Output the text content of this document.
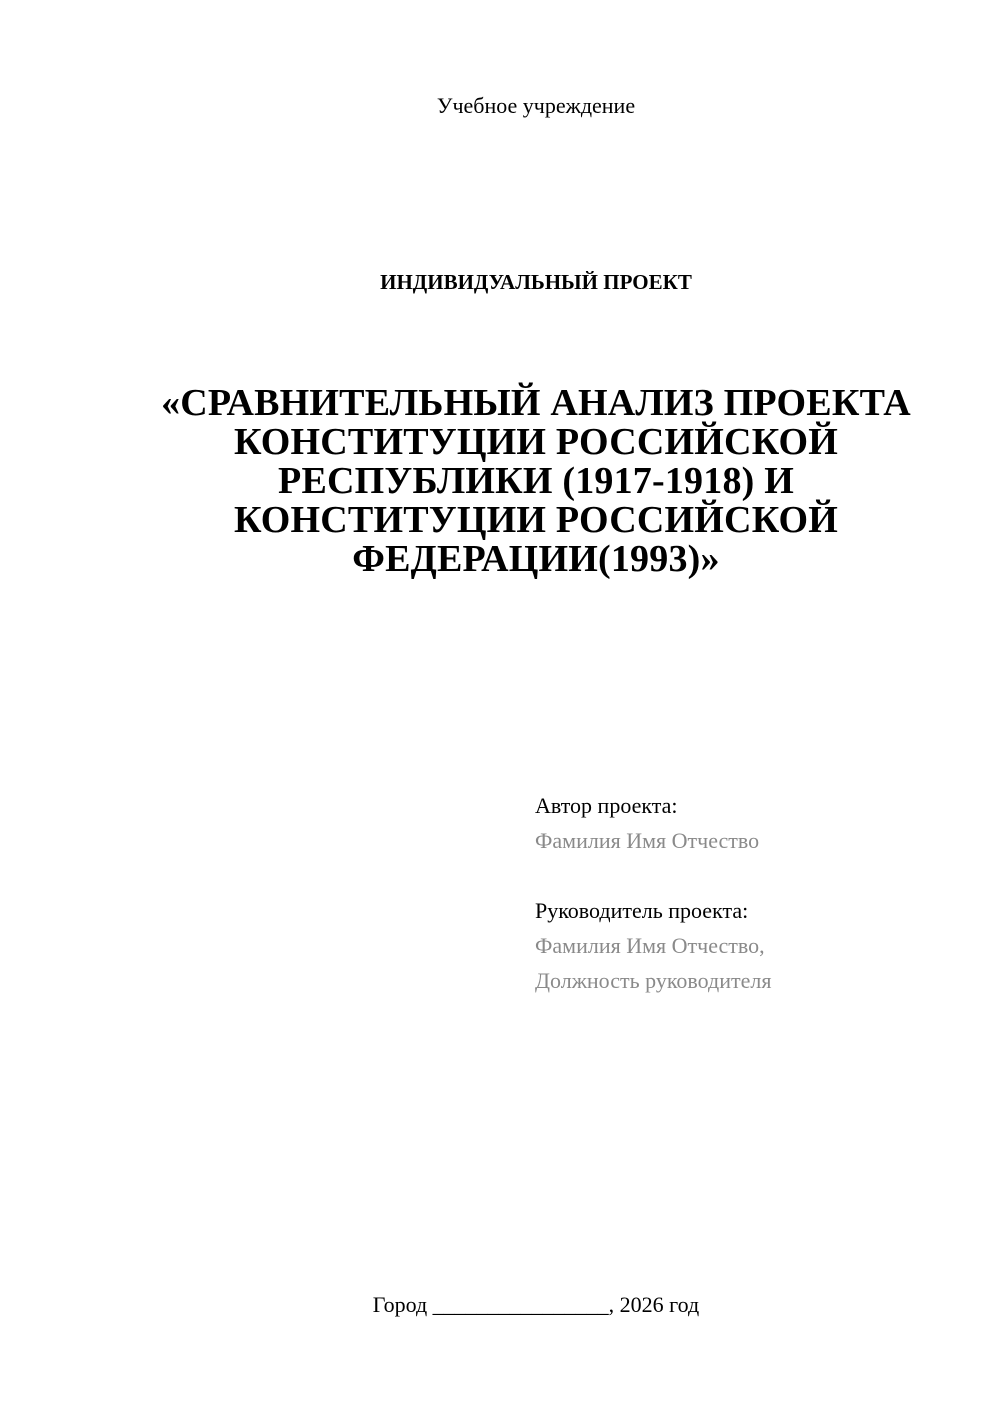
Учебное учреждение
ИНДИВИДУАЛЬНЫЙ ПРОЕКТ
«СРАВНИТЕЛЬНЫЙ АНАЛИЗ ПРОЕКТА
КОНСТИТУЦИИ РОССИЙСКОЙ
РЕСПУБЛИКИ (1917-1918) И
КОНСТИТУЦИИ РОССИЙСКОЙ
ФЕДЕРАЦИИ(1993)»
Автор проекта:
Фамилия Имя Отчество
Руководитель проекта:
Фамилия Имя Отчество,
Должность руководителя
Город ________________, 2026 год
